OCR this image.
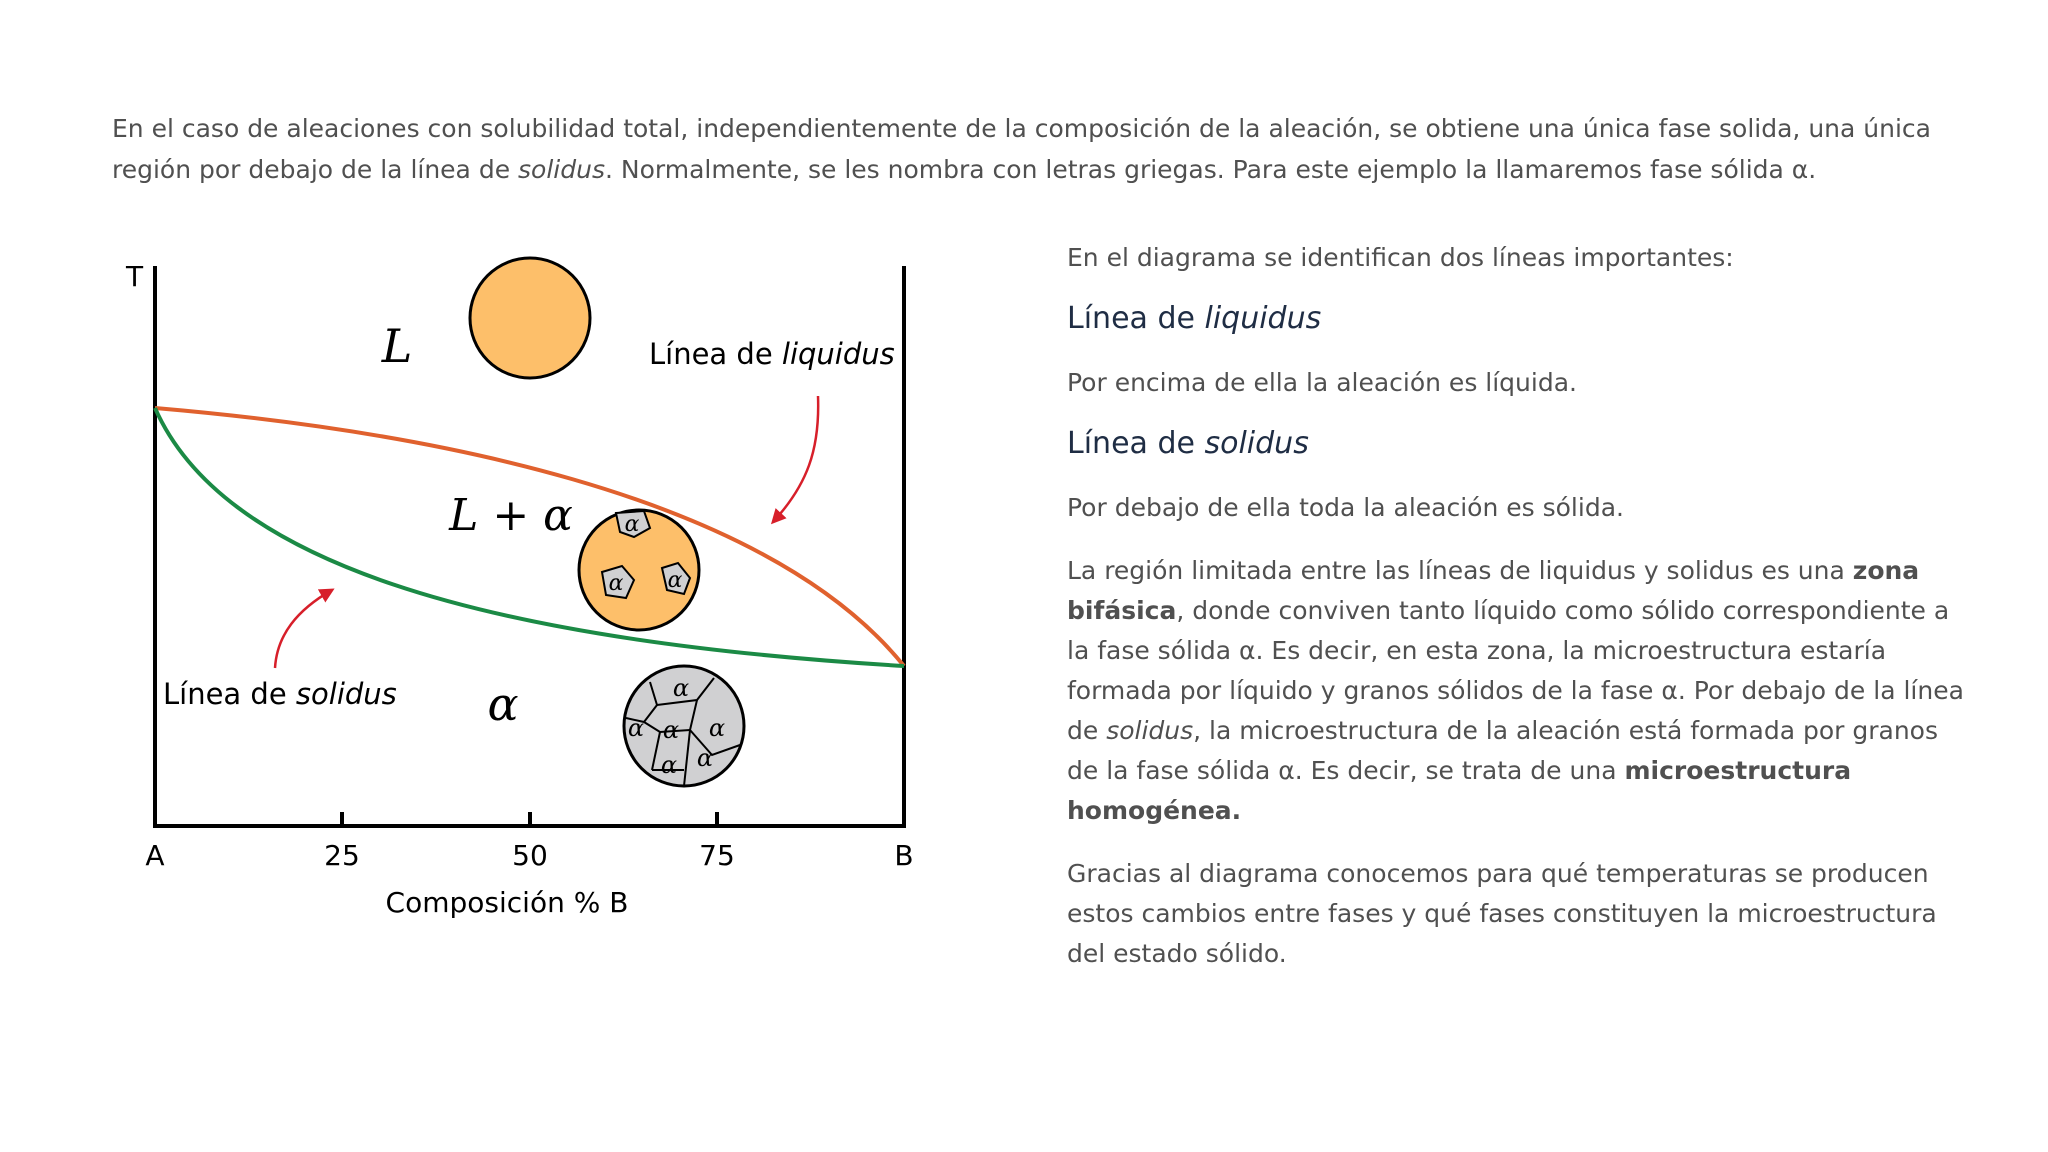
En el caso de aleaciones con solubilidad total, independientemente de la composición de la aleación, se obtiene una única fase solida, una única región por debajo de la línea de solidus. Normalmente, se les nombra con letras griegas. Para este ejemplo la llamaremos fase sólida α.

T
A	25	50	75	B
Composición % B
L
L + α
α
α
α α
α
α α α
α α
Línea de liquidus
Línea de solidus

En el diagrama se identifican dos líneas importantes:

Línea de liquidus

Por encima de ella la aleación es líquida.

Línea de solidus

Por debajo de ella toda la aleación es sólida.

La región limitada entre las líneas de liquidus y solidus es una zona bifásica, donde conviven tanto líquido como sólido correspondiente a la fase sólida α. Es decir, en esta zona, la microestructura estaría formada por líquido y granos sólidos de la fase α. Por debajo de la línea de solidus, la microestructura de la aleación está formada por granos de la fase sólida α. Es decir, se trata de una microestructura homogénea.

Gracias al diagrama conocemos para qué temperaturas se producen estos cambios entre fases y qué fases constituyen la microestructura del estado sólido.
